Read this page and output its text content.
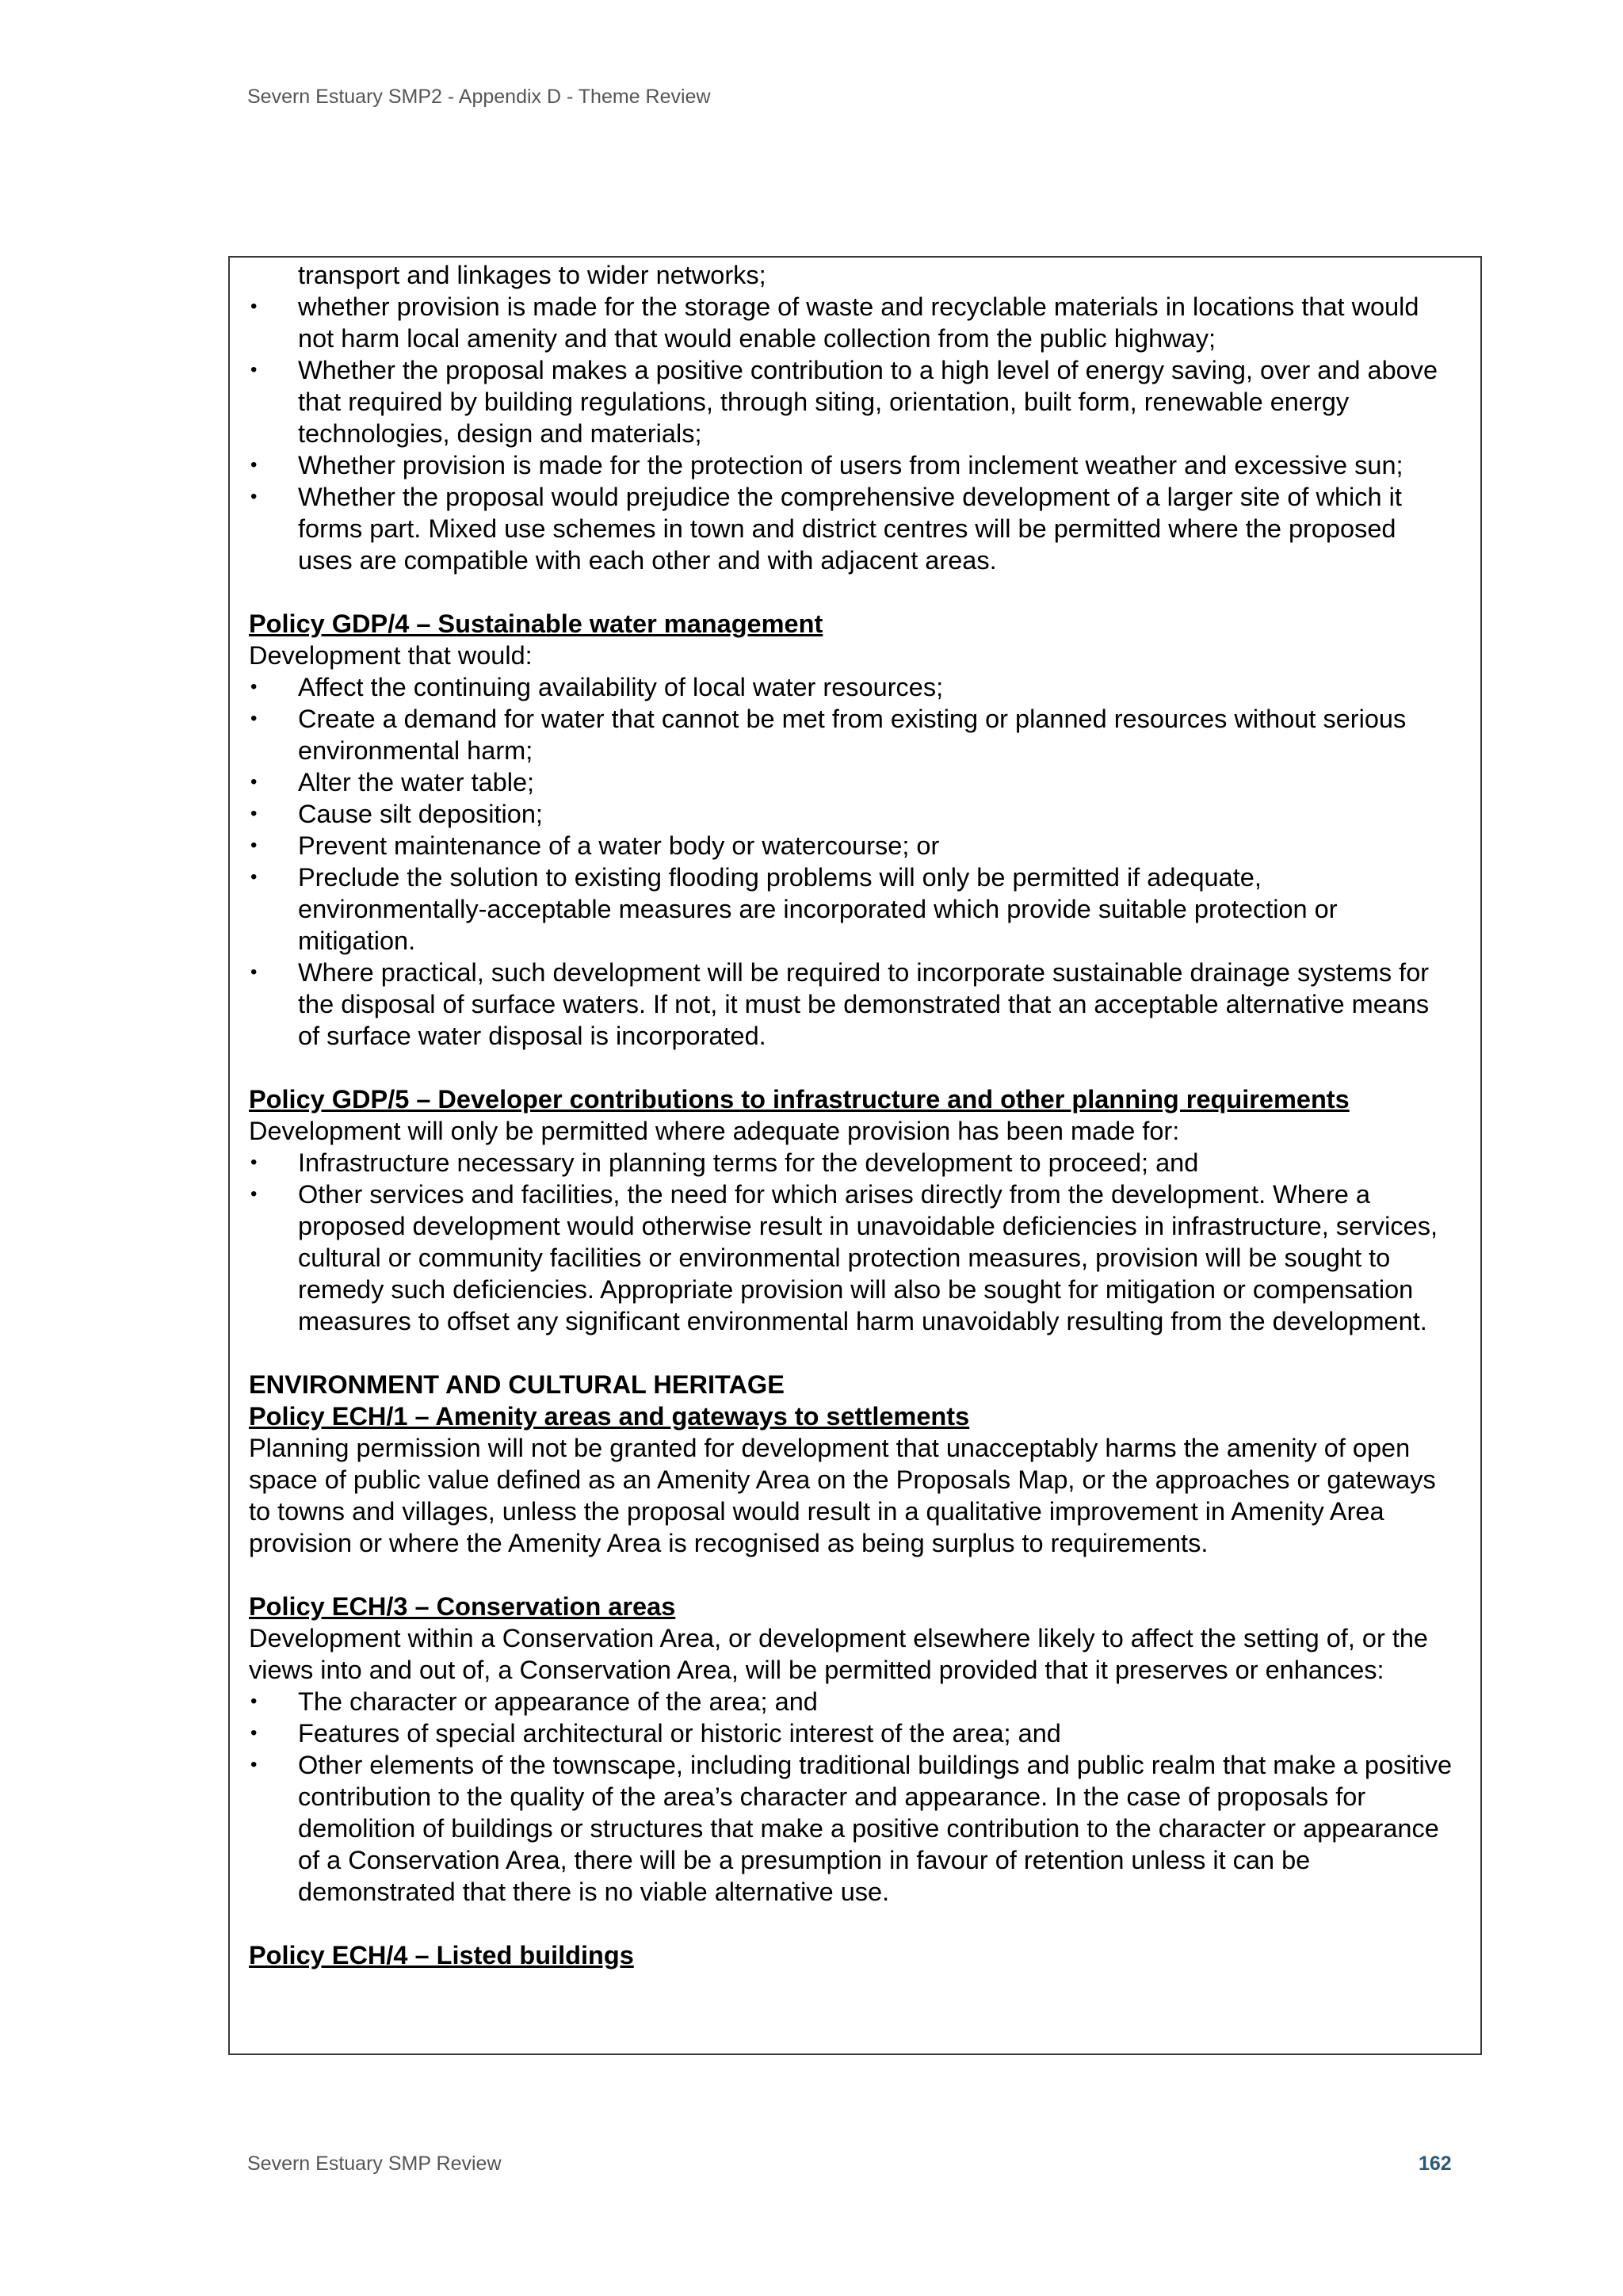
Severn Estuary SMP2 - Appendix D - Theme Review

transport and linkages to wider networks;

• whether provision is made for the storage of waste and recyclable materials in locations that would not harm local amenity and that would enable collection from the public highway;
• Whether the proposal makes a positive contribution to a high level of energy saving, over and above that required by building regulations, through siting, orientation, built form, renewable energy technologies, design and materials;
• Whether provision is made for the protection of users from inclement weather and excessive sun;
• Whether the proposal would prejudice the comprehensive development of a larger site of which it forms part. Mixed use schemes in town and district centres will be permitted where the proposed uses are compatible with each other and with adjacent areas.

Policy GDP/4 – Sustainable water management

Development that would:

• Affect the continuing availability of local water resources;
• Create a demand for water that cannot be met from existing or planned resources without serious environmental harm;
• Alter the water table;
• Cause silt deposition;
• Prevent maintenance of a water body or watercourse; or
• Preclude the solution to existing flooding problems will only be permitted if adequate, environmentally-acceptable measures are incorporated which provide suitable protection or mitigation.
• Where practical, such development will be required to incorporate sustainable drainage systems for the disposal of surface waters. If not, it must be demonstrated that an acceptable alternative means of surface water disposal is incorporated.

Policy GDP/5 – Developer contributions to infrastructure and other planning requirements

Development will only be permitted where adequate provision has been made for:

• Infrastructure necessary in planning terms for the development to proceed; and
• Other services and facilities, the need for which arises directly from the development. Where a proposed development would otherwise result in unavoidable deficiencies in infrastructure, services, cultural or community facilities or environmental protection measures, provision will be sought to remedy such deficiencies. Appropriate provision will also be sought for mitigation or compensation measures to offset any significant environmental harm unavoidably resulting from the development.

ENVIRONMENT AND CULTURAL HERITAGE

Policy ECH/1 – Amenity areas and gateways to settlements

Planning permission will not be granted for development that unacceptably harms the amenity of open space of public value defined as an Amenity Area on the Proposals Map, or the approaches or gateways to towns and villages, unless the proposal would result in a qualitative improvement in Amenity Area provision or where the Amenity Area is recognised as being surplus to requirements.

Policy ECH/3 – Conservation areas

Development within a Conservation Area, or development elsewhere likely to affect the setting of, or the views into and out of, a Conservation Area, will be permitted provided that it preserves or enhances:

• The character or appearance of the area; and
• Features of special architectural or historic interest of the area; and
• Other elements of the townscape, including traditional buildings and public realm that make a positive contribution to the quality of the area’s character and appearance. In the case of proposals for demolition of buildings or structures that make a positive contribution to the character or appearance of a Conservation Area, there will be a presumption in favour of retention unless it can be demonstrated that there is no viable alternative use.

Policy ECH/4 – Listed buildings

Severn Estuary SMP Review	162
